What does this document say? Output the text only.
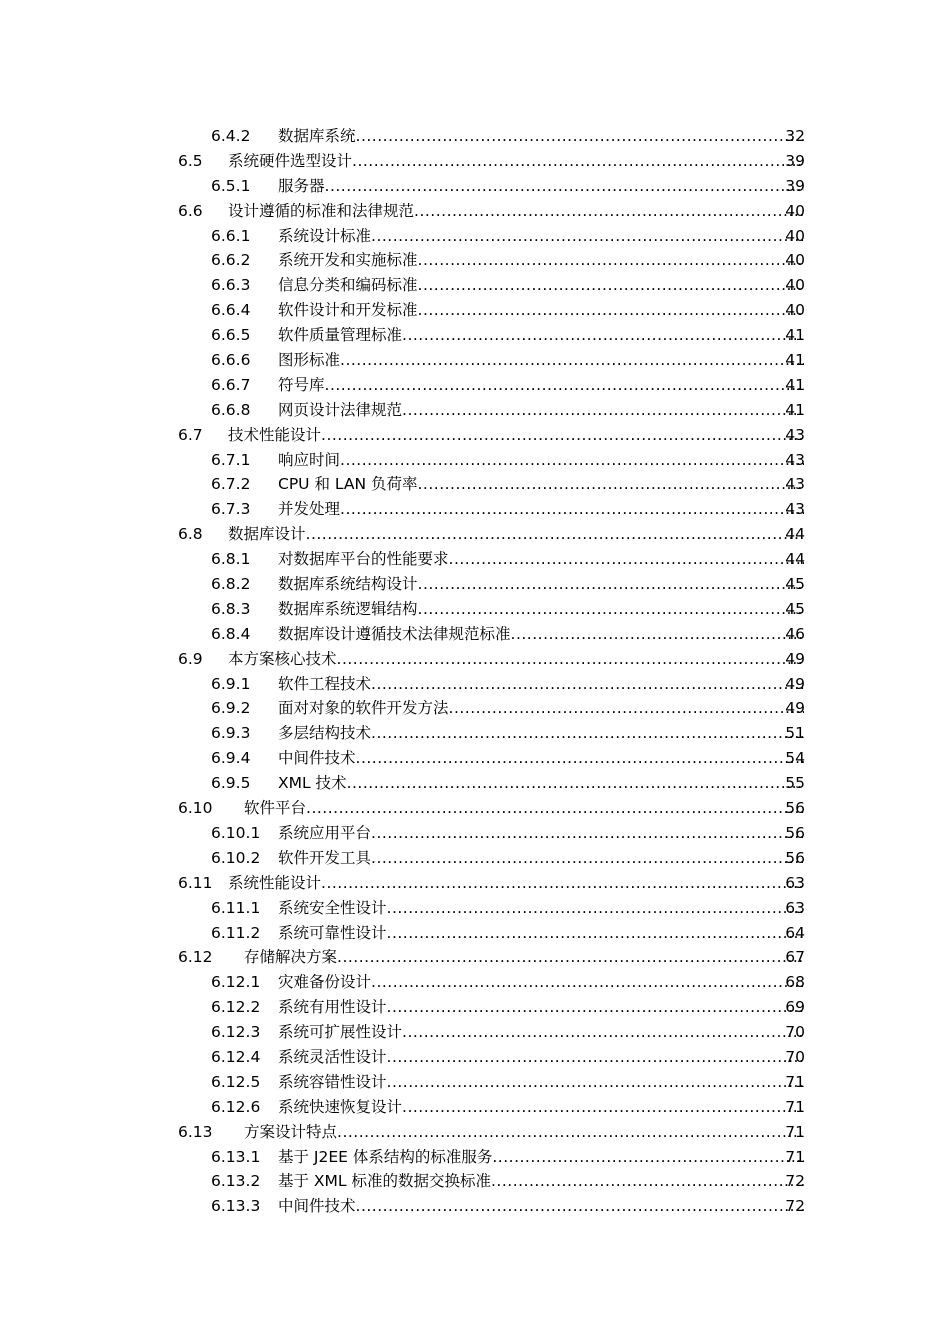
6.4.2 数据库系统 .....	32
6.5 系统硬件选型设计 .....	39
6.5.1 服务器 .....	39
6.6 设计遵循的标准和法律规范 .....	40
6.6.1 系统设计标准 .....	40
6.6.2 系统开发和实施标准 .....	40
6.6.3 信息分类和编码标准 .....	40
6.6.4 软件设计和开发标准 .....	40
6.6.5 软件质量管理标准 .....	41
6.6.6 图形标准 .....	41
6.6.7 符号库 .....	41
6.6.8 网页设计法律规范 .....	41
6.7 技术性能设计 .....	43
6.7.1 响应时间 .....	43
6.7.2 CPU 和 LAN 负荷率 .....	43
6.7.3 并发处理 .....	43
6.8 数据库设计 .....	44
6.8.1 对数据库平台的性能要求 .....	44
6.8.2 数据库系统结构设计 .....	45
6.8.3 数据库系统逻辑结构 .....	45
6.8.4 数据库设计遵循技术法律规范标准 .....	46
6.9 本方案核心技术 .....	49
6.9.1 软件工程技术 .....	49
6.9.2 面对对象的软件开发方法 .....	49
6.9.3 多层结构技术 .....	51
6.9.4 中间件技术 .....	54
6.9.5 XML 技术 .....	55
6.10 软件平台 .....	56
6.10.1 系统应用平台 .....	56
6.10.2 软件开发工具 .....	56
6.11 系统性能设计 .....	63
6.11.1 系统安全性设计 .....	63
6.11.2 系统可靠性设计 .....	64
6.12 存储解决方案 .....	67
6.12.1 灾难备份设计 .....	68
6.12.2 系统有用性设计 .....	69
6.12.3 系统可扩展性设计 .....	70
6.12.4 系统灵活性设计 .....	70
6.12.5 系统容错性设计 .....	71
6.12.6 系统快速恢复设计 .....	71
6.13 方案设计特点 .....	71
6.13.1 基于 J2EE 体系结构的标准服务 .....	71
6.13.2 基于 XML 标准的数据交换标准 .....	72
6.13.3 中间件技术 .....	72
